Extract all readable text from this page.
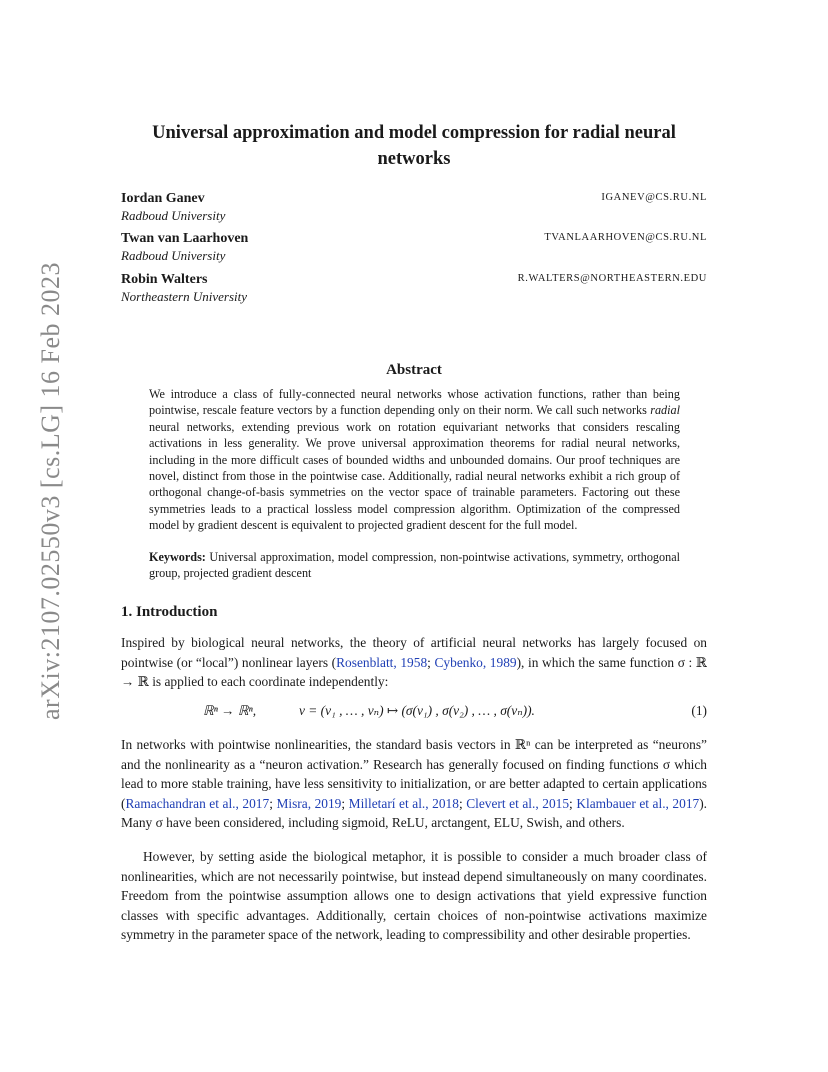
arXiv:2107.02550v3 [cs.LG] 16 Feb 2023
Universal approximation and model compression for radial neural networks
Iordan Ganev	IGANEV@CS.RU.NL
Radboud University
Twan van Laarhoven	TVANLAARHOVEN@CS.RU.NL
Radboud University
Robin Walters	R.WALTERS@NORTHEASTERN.EDU
Northeastern University
Abstract
We introduce a class of fully-connected neural networks whose activation functions, rather than being pointwise, rescale feature vectors by a function depending only on their norm. We call such networks radial neural networks, extending previous work on rotation equivariant networks that considers rescaling activations in less generality. We prove universal approximation theorems for radial neural networks, including in the more difficult cases of bounded widths and unbounded domains. Our proof techniques are novel, distinct from those in the pointwise case. Additionally, radial neural networks exhibit a rich group of orthogonal change-of-basis symmetries on the vector space of trainable parameters. Factoring out these symmetries leads to a practical lossless model compression algorithm. Optimization of the compressed model by gradient descent is equivalent to projected gradient descent for the full model.
Keywords: Universal approximation, model compression, non-pointwise activations, symmetry, orthogonal group, projected gradient descent
1. Introduction
Inspired by biological neural networks, the theory of artificial neural networks has largely focused on pointwise (or “local”) nonlinear layers (Rosenblatt, 1958; Cybenko, 1989), in which the same function σ : ℝ → ℝ is applied to each coordinate independently:
ℝⁿ → ℝⁿ,	v = (v₁ , … , vₙ) ↦ (σ(v₁) , σ(v₂) , … , σ(vₙ)).	(1)
In networks with pointwise nonlinearities, the standard basis vectors in ℝⁿ can be interpreted as “neurons” and the nonlinearity as a “neuron activation.” Research has generally focused on finding functions σ which lead to more stable training, have less sensitivity to initialization, or are better adapted to certain applications (Ramachandran et al., 2017; Misra, 2019; Milletarí et al., 2018; Clevert et al., 2015; Klambauer et al., 2017). Many σ have been considered, including sigmoid, ReLU, arctangent, ELU, Swish, and others.
However, by setting aside the biological metaphor, it is possible to consider a much broader class of nonlinearities, which are not necessarily pointwise, but instead depend simultaneously on many coordinates. Freedom from the pointwise assumption allows one to design activations that yield expressive function classes with specific advantages. Additionally, certain choices of non-pointwise activations maximize symmetry in the parameter space of the network, leading to compressibility and other desirable properties.
